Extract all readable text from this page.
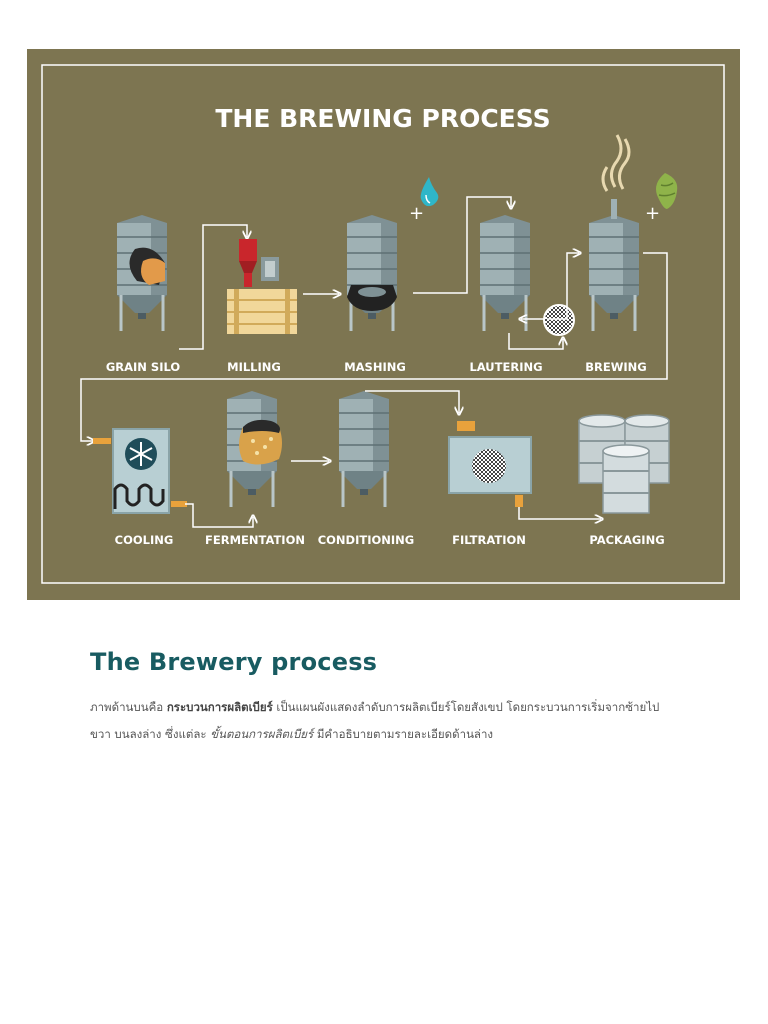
THE BREWING PROCESS
+	+
GRAIN SILO	MILLING	MASHING	LAUTERING	BREWING
COOLING	FERMENTATION CONDITIONING	FILTRATION	PACKAGING
The Brewery process

ภาพด้านบนคือ กระบวนการผลิตเบียร์ เป็นแผนผังแสดงลำดับการผลิตเบียร์โดยสังเขป โดยกระบวนการเริ่มจากซ้ายไป
ขวา บนลงล่าง ซึ่งแต่ละ ขั้นตอนการผลิตเบียร์ มีคำอธิบายตามรายละเอียดด้านล่าง
